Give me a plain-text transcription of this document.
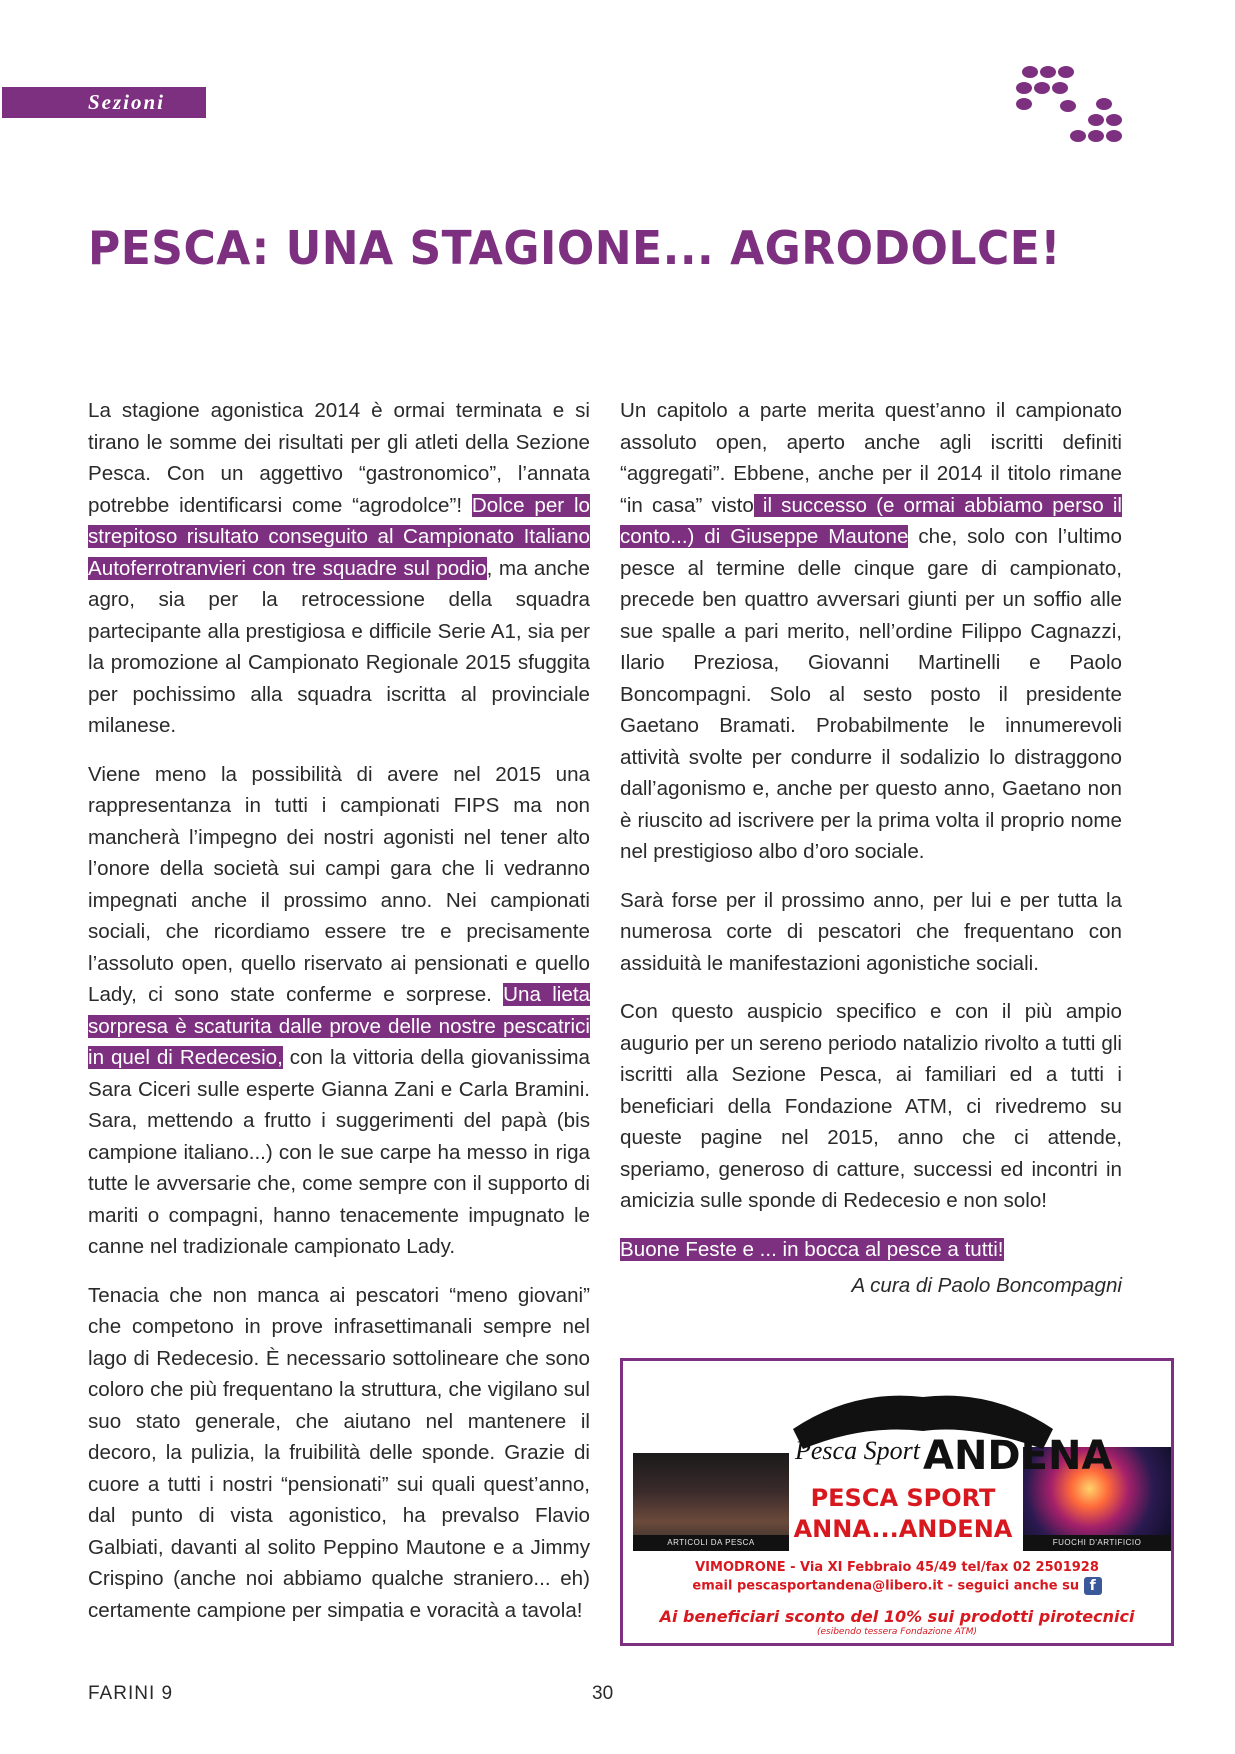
Sezioni
PESCA: UNA STAGIONE... AGRODOLCE!

La stagione agonistica 2014 è ormai terminata e si tirano le somme dei risultati per gli atleti della Sezione Pesca. Con un aggettivo “gastronomico”, l’annata potrebbe identificarsi come “agrodolce”! Dolce per lo strepitoso risultato conseguito al Campionato Italiano Autoferrotranvieri con tre squadre sul podio, ma anche agro, sia per la retrocessione della squadra partecipante alla prestigiosa e difficile Serie A1, sia per la promozione al Campionato Regionale 2015 sfuggita per pochissimo alla squadra iscritta al provinciale milanese.

Viene meno la possibilità di avere nel 2015 una rappresentanza in tutti i campionati FIPS ma non mancherà l’impegno dei nostri agonisti nel tener alto l’onore della società sui campi gara che li vedranno impegnati anche il prossimo anno. Nei campionati sociali, che ricordiamo essere tre e precisamente l’assoluto open, quello riservato ai pensionati e quello Lady, ci sono state conferme e sorprese. Una lieta sorpresa è scaturita dalle prove delle nostre pescatrici in quel di Redecesio, con la vittoria della giovanissima Sara Ciceri sulle esperte Gianna Zani e Carla Bramini. Sara, mettendo a frutto i suggerimenti del papà (bis campione italiano...) con le sue carpe ha messo in riga tutte le avversarie che, come sempre con il supporto di mariti o compagni, hanno tenacemente impugnato le canne nel tradizionale campionato Lady.

Tenacia che non manca ai pescatori “meno giovani” che competono in prove infrasettimanali sempre nel lago di Redecesio. È necessario sottolineare che sono coloro che più frequentano la struttura, che vigilano sul suo stato generale, che aiutano nel mantenere il decoro, la pulizia, la fruibilità delle sponde. Grazie di cuore a tutti i nostri “pensionati” sui quali quest’anno, dal punto di vista agonistico, ha prevalso Flavio Galbiati, davanti al solito Peppino Mautone e a Jimmy Crispino (anche noi abbiamo qualche straniero... eh) certamente campione per simpatia e voracità a tavola!

Un capitolo a parte merita quest’anno il campionato assoluto open, aperto anche agli iscritti definiti “aggregati”. Ebbene, anche per il 2014 il titolo rimane “in casa” visto il successo (e ormai abbiamo perso il conto...) di Giuseppe Mautone che, solo con l’ultimo pesce al termine delle cinque gare di campionato, precede ben quattro avversari giunti per un soffio alle sue spalle a pari merito, nell’ordine Filippo Cagnazzi, Ilario Preziosa, Giovanni Martinelli e Paolo Boncompagni. Solo al sesto posto il presidente Gaetano Bramati. Probabilmente le innumerevoli attività svolte per condurre il sodalizio lo distraggono dall’agonismo e, anche per questo anno, Gaetano non è riuscito ad iscrivere per la prima volta il proprio nome nel prestigioso albo d’oro sociale.

Sarà forse per il prossimo anno, per lui e per tutta la numerosa corte di pescatori che frequentano con assiduità le manifestazioni agonistiche sociali.

Con questo auspicio specifico e con il più ampio augurio per un sereno periodo natalizio rivolto a tutti gli iscritti alla Sezione Pesca, ai familiari ed a tutti i beneficiari della Fondazione ATM, ci rivedremo su queste pagine nel 2015, anno che ci attende, speriamo, generoso di catture, successi ed incontri in amicizia sulle sponde di Redecesio e non solo!

Buone Feste e ... in bocca al pesce a tutti!

A cura di Paolo Boncompagni
ARTICOLI DA PESCA	FUOCHI D'ARTIFICIO
Pesca Sport ANDENA
PESCA SPORT
ANNA...ANDENA
VIMODRONE - Via XI Febbraio 45/49 tel/fax 02 2501928
email pescasportandena@libero.it - seguici anche su f
Ai beneficiari sconto del 10% sui prodotti pirotecnici
(esibendo tessera Fondazione ATM)
FARINI 9	30
